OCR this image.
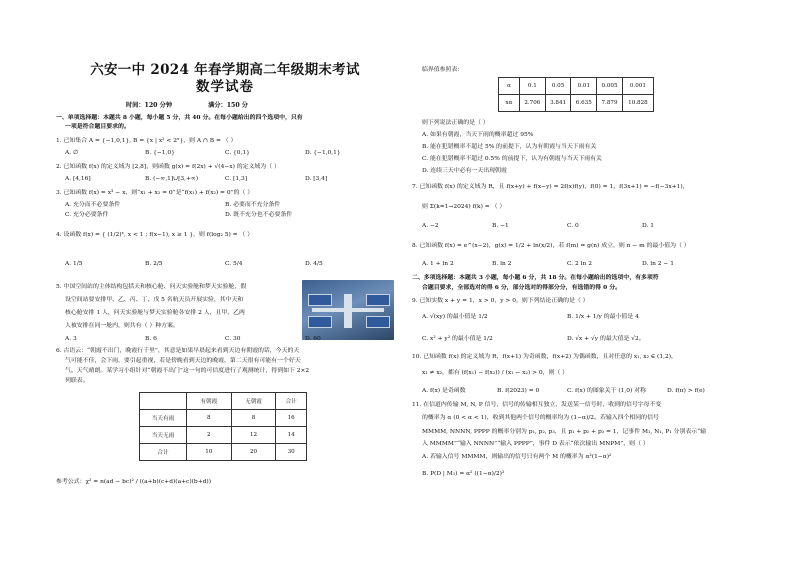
六安一中 2024 年春学期高二年级期末考试
数学试卷
时间：120 分钟	满分：150 分
一、单项选择题：本题共 8 小题，每小题 5 分，共 40 分。在每小题给出的四个选项中，只有
一项是符合题目要求的。
1. 已知集合 A = {−1,0,1}, B = {x | x² < 2ˣ}，则 A ∩ B = （ ）
A. ∅	B. {−1,0}	C. {0,1}	D. {−1,0,1}
2. 已知函数 f(x) 的定义域为 [2,8]，则函数 g(x) = f(2x) + √(4−x) 的定义域为（ ）
A. [4,16]	B. (−∞,1]∪[3,+∞)	C. [1,3]	D. [3,4]
3. 已知函数 f(x) = x³ − x，则“x₁ + x₂ = 0”是“f(x₁) + f(x₂) = 0”的（ ）
A. 充分而不必要条件	B. 必要而不充分条件
C. 充分必要条件	D. 既不充分也不必要条件
4. 设函数 f(x) = { (1/2)ˣ, x < 1 ; f(x−1), x ≥ 1 }，则 f(log₂ 5) = （ ）
A. 1/5	B. 2/5	C. 5/4	D. 4/5
5. 中国空间站的主体结构包括天和核心舱、问天实验舱和梦天实验舱，假
设空间站要安排甲、乙、丙、丁、戊 5 名航天员开展实验，其中天和
核心舱安排 1 人，问天实验舱与梦天实验舱各安排 2 人，且甲、乙两
人被安排在同一舱内，则共有（ ）种方案。
A. 3	B. 6	C. 30	D. 60
6. 古语云：“朝霞不出门，晚霞行千里”，其意是如果早晨起来看到天边有朝霞的话，今天的天
气可能不佳，会下雨，要引起重视，若是傍晚看到天边的晚霞，第二天很有可能有一个好天
气。天气晴朗。某学习小组针对“朝霞不出门”这一句的可信度进行了观测统计，得到如下 2×2
列联表。
	有朝霞	无朝霞	合计
当天有雨	8	8	16
当天无雨	2	12	14
合计	10	20	30
参考公式：χ² = n(ad − bc)² / ((a+b)(c+d)(a+c)(b+d))
临界值参照表：
α	0.1	0.05	0.01	0.005	0.001
xα	2.706	3.841	6.635	7.879	10.828
则下列说法正确的是（ ）
A. 如果有朝霞，当天下雨的概率超过 95%
B. 能在犯错概率不超过 5% 的前提下，认为有朝霞与当天下雨有关
C. 能在犯错概率不超过 0.5% 的前提下，认为有朝霞与当天下雨有关
D. 连续三天中必有一天出现朝霞
7. 已知函数 f(x) 的定义域为 R，且 f(x+y) + f(x−y) = 2f(x)f(y)，f(0) = 1，f(3x+1) = −f(−3x+1)，
则 Σ(k=1→2024) f(k) = （ ）
A. −2	B. −1	C. 0	D. 1
8. 已知函数 f(x) = e^(x−2)，g(x) = 1/2 + ln(x/2)，若 f(m) = g(n) 成立，则 n − m 的最小值为（ ）
A. 1 + ln 2	B. ln 2	C. 2 ln 2	D. ln 2 − 1
二、多项选择题：本题共 3 小题，每小题 6 分，共 18 分。在每小题给出的选项中，有多项符
合题目要求，全部选对的得 6 分，部分选对的得部分分，有选错的得 0 分。
9. 已知实数 x + y = 1，x > 0，y > 0，则下列结论正确的是（ ）
A. √(xy) 的最小值是 1/2	B. 1/x + 1/y 的最小值是 4
C. x² + y² 的最小值是 1/2	D. √x + √y 的最大值是 √2。
10. 已知函数 f(x) 的定义域为 R，f(x+1) 为奇函数，f(x+2) 为偶函数，且对任意的 x₁, x₂ ∈ (1,2)，
x₁ ≠ x₂，都有 (f(x₁) − f(x₂)) / (x₁ − x₂) > 0，则（ ）
A. f(x) 是奇函数	B. f(2023) = 0	C. f(x) 的图象关于 (1,0) 对称	D. f(π) > f(e)
11. 在信道内传输 M, N, P 信号，信号的传输相互独立，发送某一信号时，收到的信号字母不变
的概率为 α (0 < α < 1)，收到其他两个信号的概率均为 (1−α)/2。若输入四个相同的信号
MMMM, NNNN, PPPP 的概率分别为 p₁, p₂, p₃，且 p₁ + p₂ + p₃ = 1，记事件 M₁, N₁, P₁ 分别表示“输
入 MMMM”“输入 NNNN”“输入 PPPP”，事件 D 表示“依次输出 MNPM”，则（ ）
A. 若输入信号 MMMM，则输出的信号只有两个 M 的概率为 α²(1−α)²
B. P(D | M₁) = α² ((1−α)/2)²
